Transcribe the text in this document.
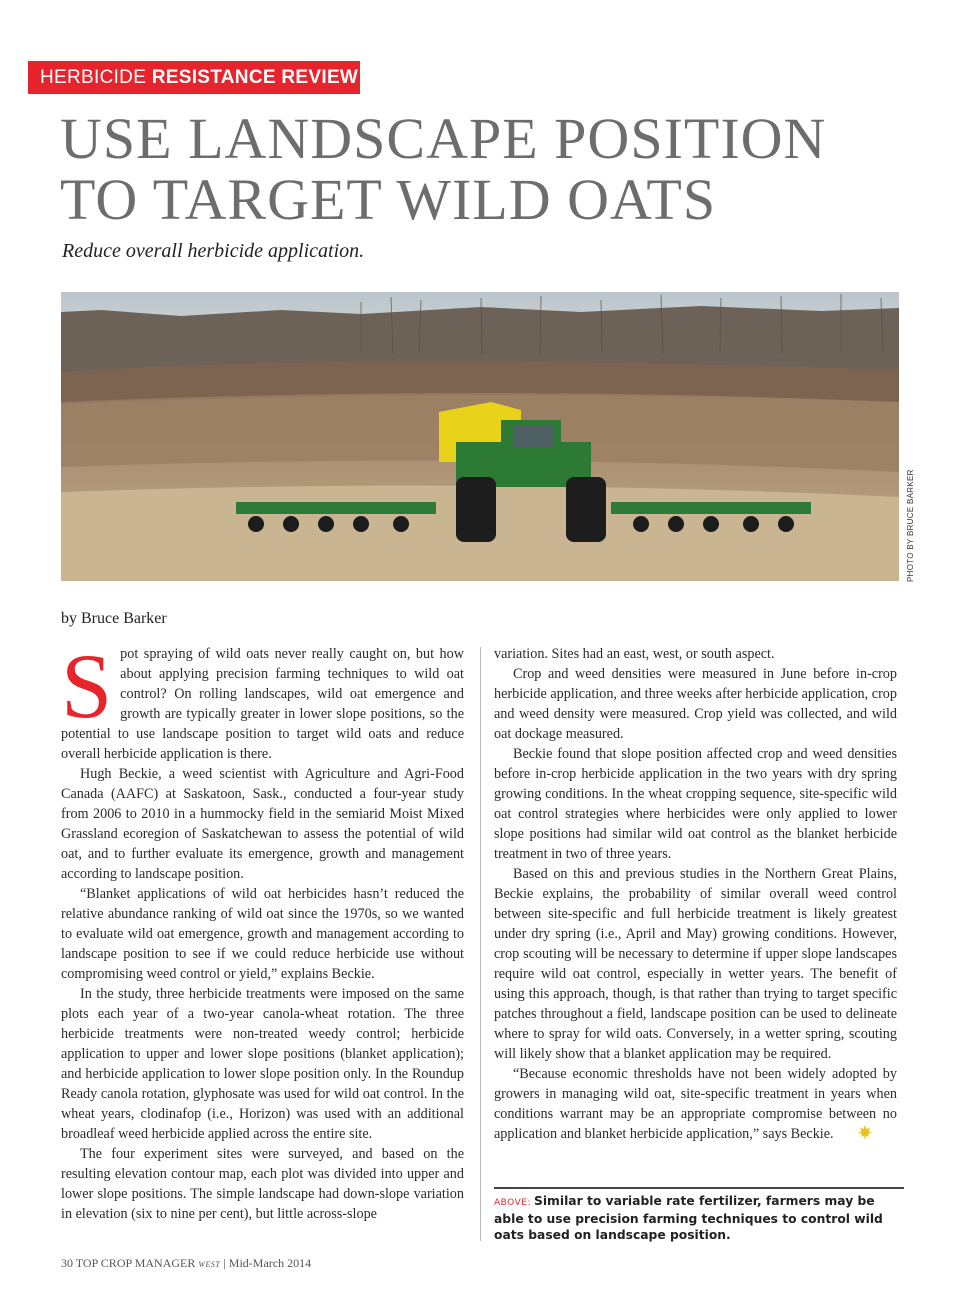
HERBICIDE RESISTANCE REVIEW
USE LANDSCAPE POSITION
TO TARGET WILD OATS
Reduce overall herbicide application.
PHOTO BY BRUCE BARKER
by Bruce Barker

Spot spraying of wild oats never really caught on, but how about applying precision farming techniques to wild oat control? On rolling landscapes, wild oat emergence and growth are typically greater in lower slope positions, so the potential to use landscape position to target wild oats and reduce overall herbicide application is there.

Hugh Beckie, a weed scientist with Agriculture and Agri-Food Canada (AAFC) at Saskatoon, Sask., conducted a four-year study from 2006 to 2010 in a hummocky field in the semiarid Moist Mixed Grassland ecoregion of Saskatchewan to assess the potential of wild oat, and to further evaluate its emergence, growth and management according to landscape position.

“Blanket applications of wild oat herbicides hasn’t reduced the relative abundance ranking of wild oat since the 1970s, so we wanted to evaluate wild oat emergence, growth and management according to landscape position to see if we could reduce herbicide use without compromising weed control or yield,” explains Beckie.

In the study, three herbicide treatments were imposed on the same plots each year of a two-year canola-wheat rotation. The three herbicide treatments were non-treated weedy control; herbicide application to upper and lower slope positions (blanket application); and herbicide application to lower slope position only. In the Roundup Ready canola rotation, glyphosate was used for wild oat control. In the wheat years, clodinafop (i.e., Horizon) was used with an additional broadleaf weed herbicide applied across the entire site.

The four experiment sites were surveyed, and based on the resulting elevation contour map, each plot was divided into upper and lower slope positions. The simple landscape had down-slope variation in elevation (six to nine per cent), but little across-slope

variation. Sites had an east, west, or south aspect.

Crop and weed densities were measured in June before in-crop herbicide application, and three weeks after herbicide application, crop and weed density were measured. Crop yield was collected, and wild oat dockage measured.

Beckie found that slope position affected crop and weed densities before in-crop herbicide application in the two years with dry spring growing conditions. In the wheat cropping sequence, site-specific wild oat control strategies where herbicides were only applied to lower slope positions had similar wild oat control as the blanket herbicide treatment in two of three years.

Based on this and previous studies in the Northern Great Plains, Beckie explains, the probability of similar overall weed control between site-specific and full herbicide treatment is likely greatest under dry spring (i.e., April and May) growing conditions. However, crop scouting will be necessary to determine if upper slope landscapes require wild oat control, especially in wetter years. The benefit of using this approach, though, is that rather than trying to target specific patches throughout a field, landscape position can be used to delineate where to spray for wild oats. Conversely, in a wetter spring, scouting will likely show that a blanket application may be required.

“Because economic thresholds have not been widely adopted by growers in managing wild oat, site-specific treatment in years when conditions warrant may be an appropriate compromise between no application and blanket herbicide application,” says Beckie.

ABOVE: Similar to variable rate fertilizer, farmers may be able to use precision farming techniques to control wild oats based on landscape position.
30 TOP CROP MANAGER WEST | Mid-March 2014
